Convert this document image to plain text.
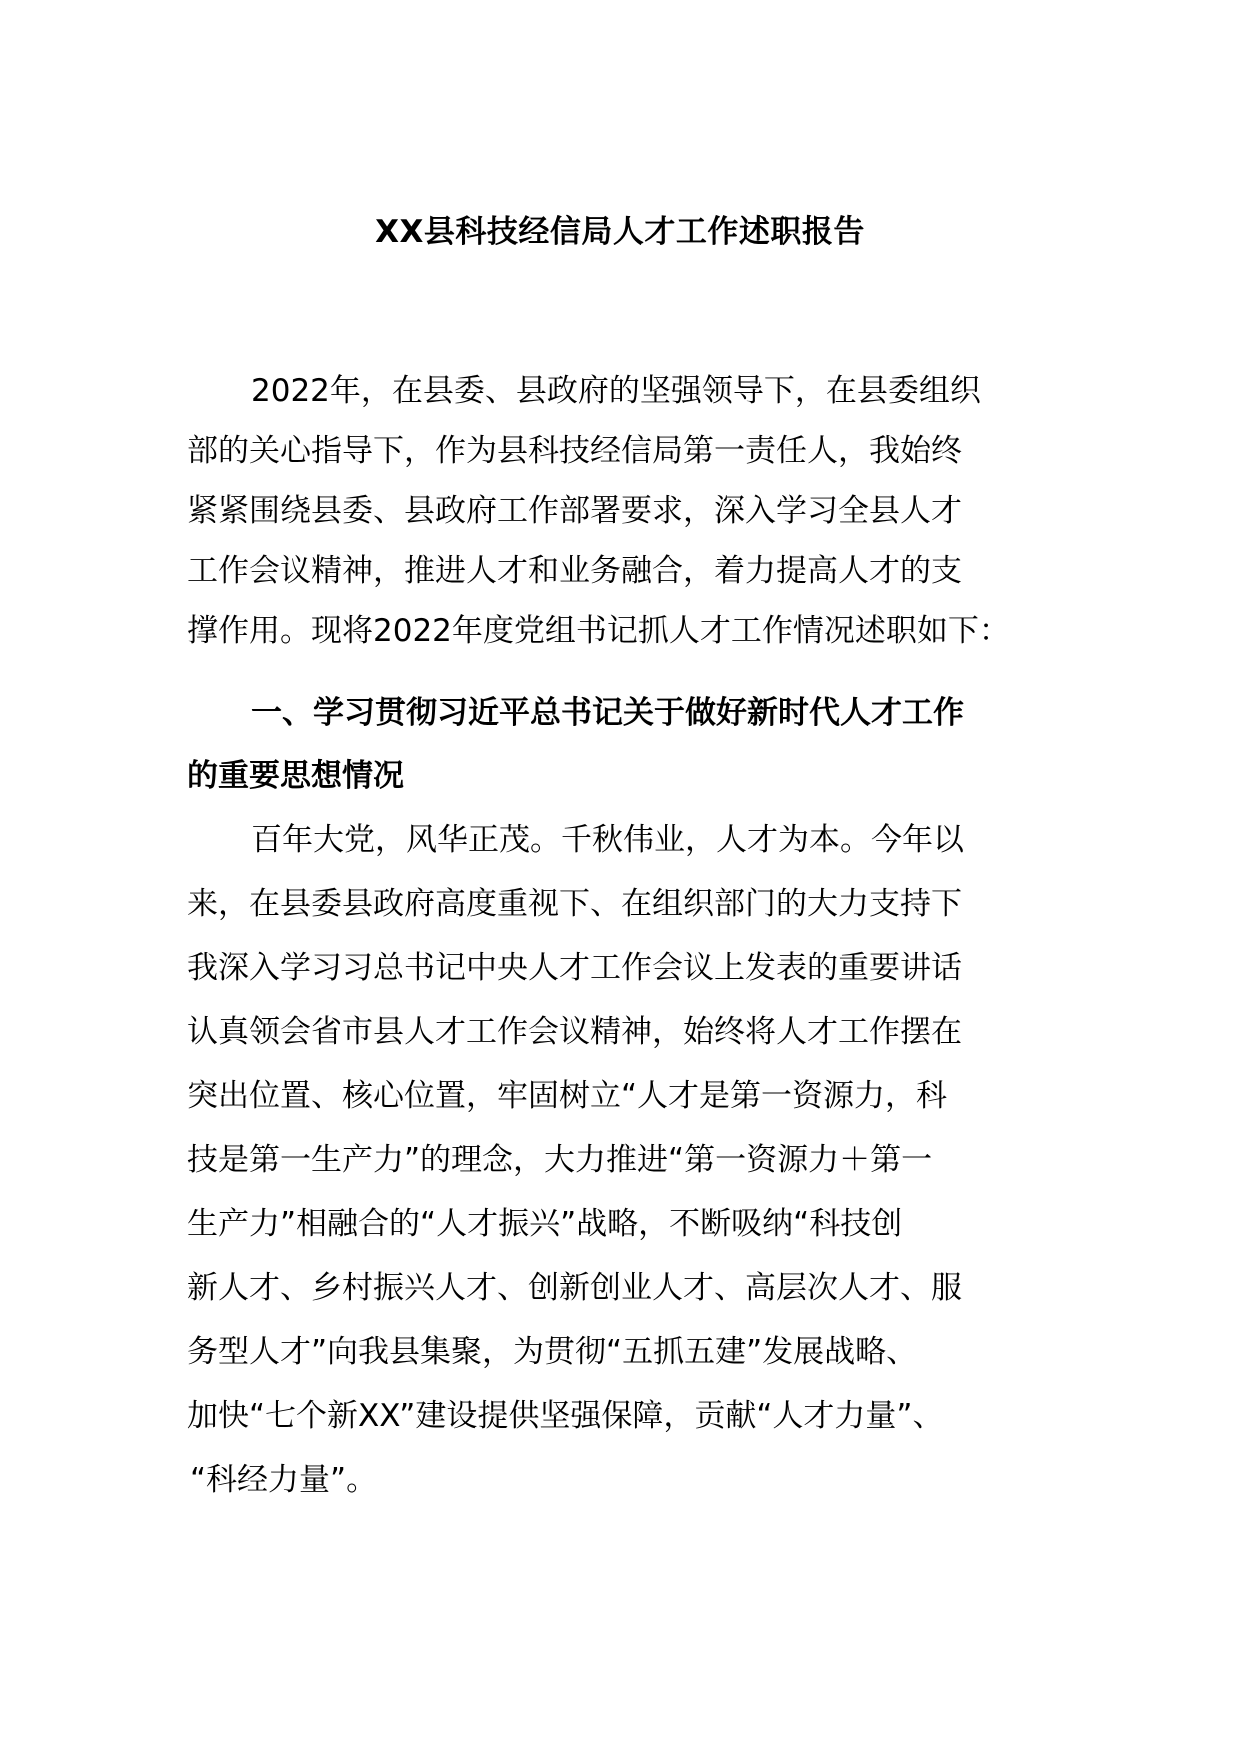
XX县科技经信局人才工作述职报告
2022年，在县委、县政府的坚强领导下，在县委组织
部的关心指导下，作为县科技经信局第一责任人，我始终
紧紧围绕县委、县政府工作部署要求，深入学习全县人才
工作会议精神，推进人才和业务融合，着力提高人才的支
撑作用。现将2022年度党组书记抓人才工作情况述职如下：
一、学习贯彻习近平总书记关于做好新时代人才工作
的重要思想情况
百年大党，风华正茂。千秋伟业，人才为本。今年以
来，在县委县政府高度重视下、在组织部门的大力支持下
我深入学习习总书记中央人才工作会议上发表的重要讲话
认真领会省市县人才工作会议精神，始终将人才工作摆在
突出位置、核心位置，牢固树立“人才是第一资源力，科
技是第一生产力”的理念，大力推进“第一资源力＋第一
生产力”相融合的“人才振兴”战略，不断吸纳“科技创
新人才、乡村振兴人才、创新创业人才、高层次人才、服
务型人才”向我县集聚，为贯彻“五抓五建”发展战略、
加快“七个新XX”建设提供坚强保障，贡献“人才力量”、
“科经力量”。
